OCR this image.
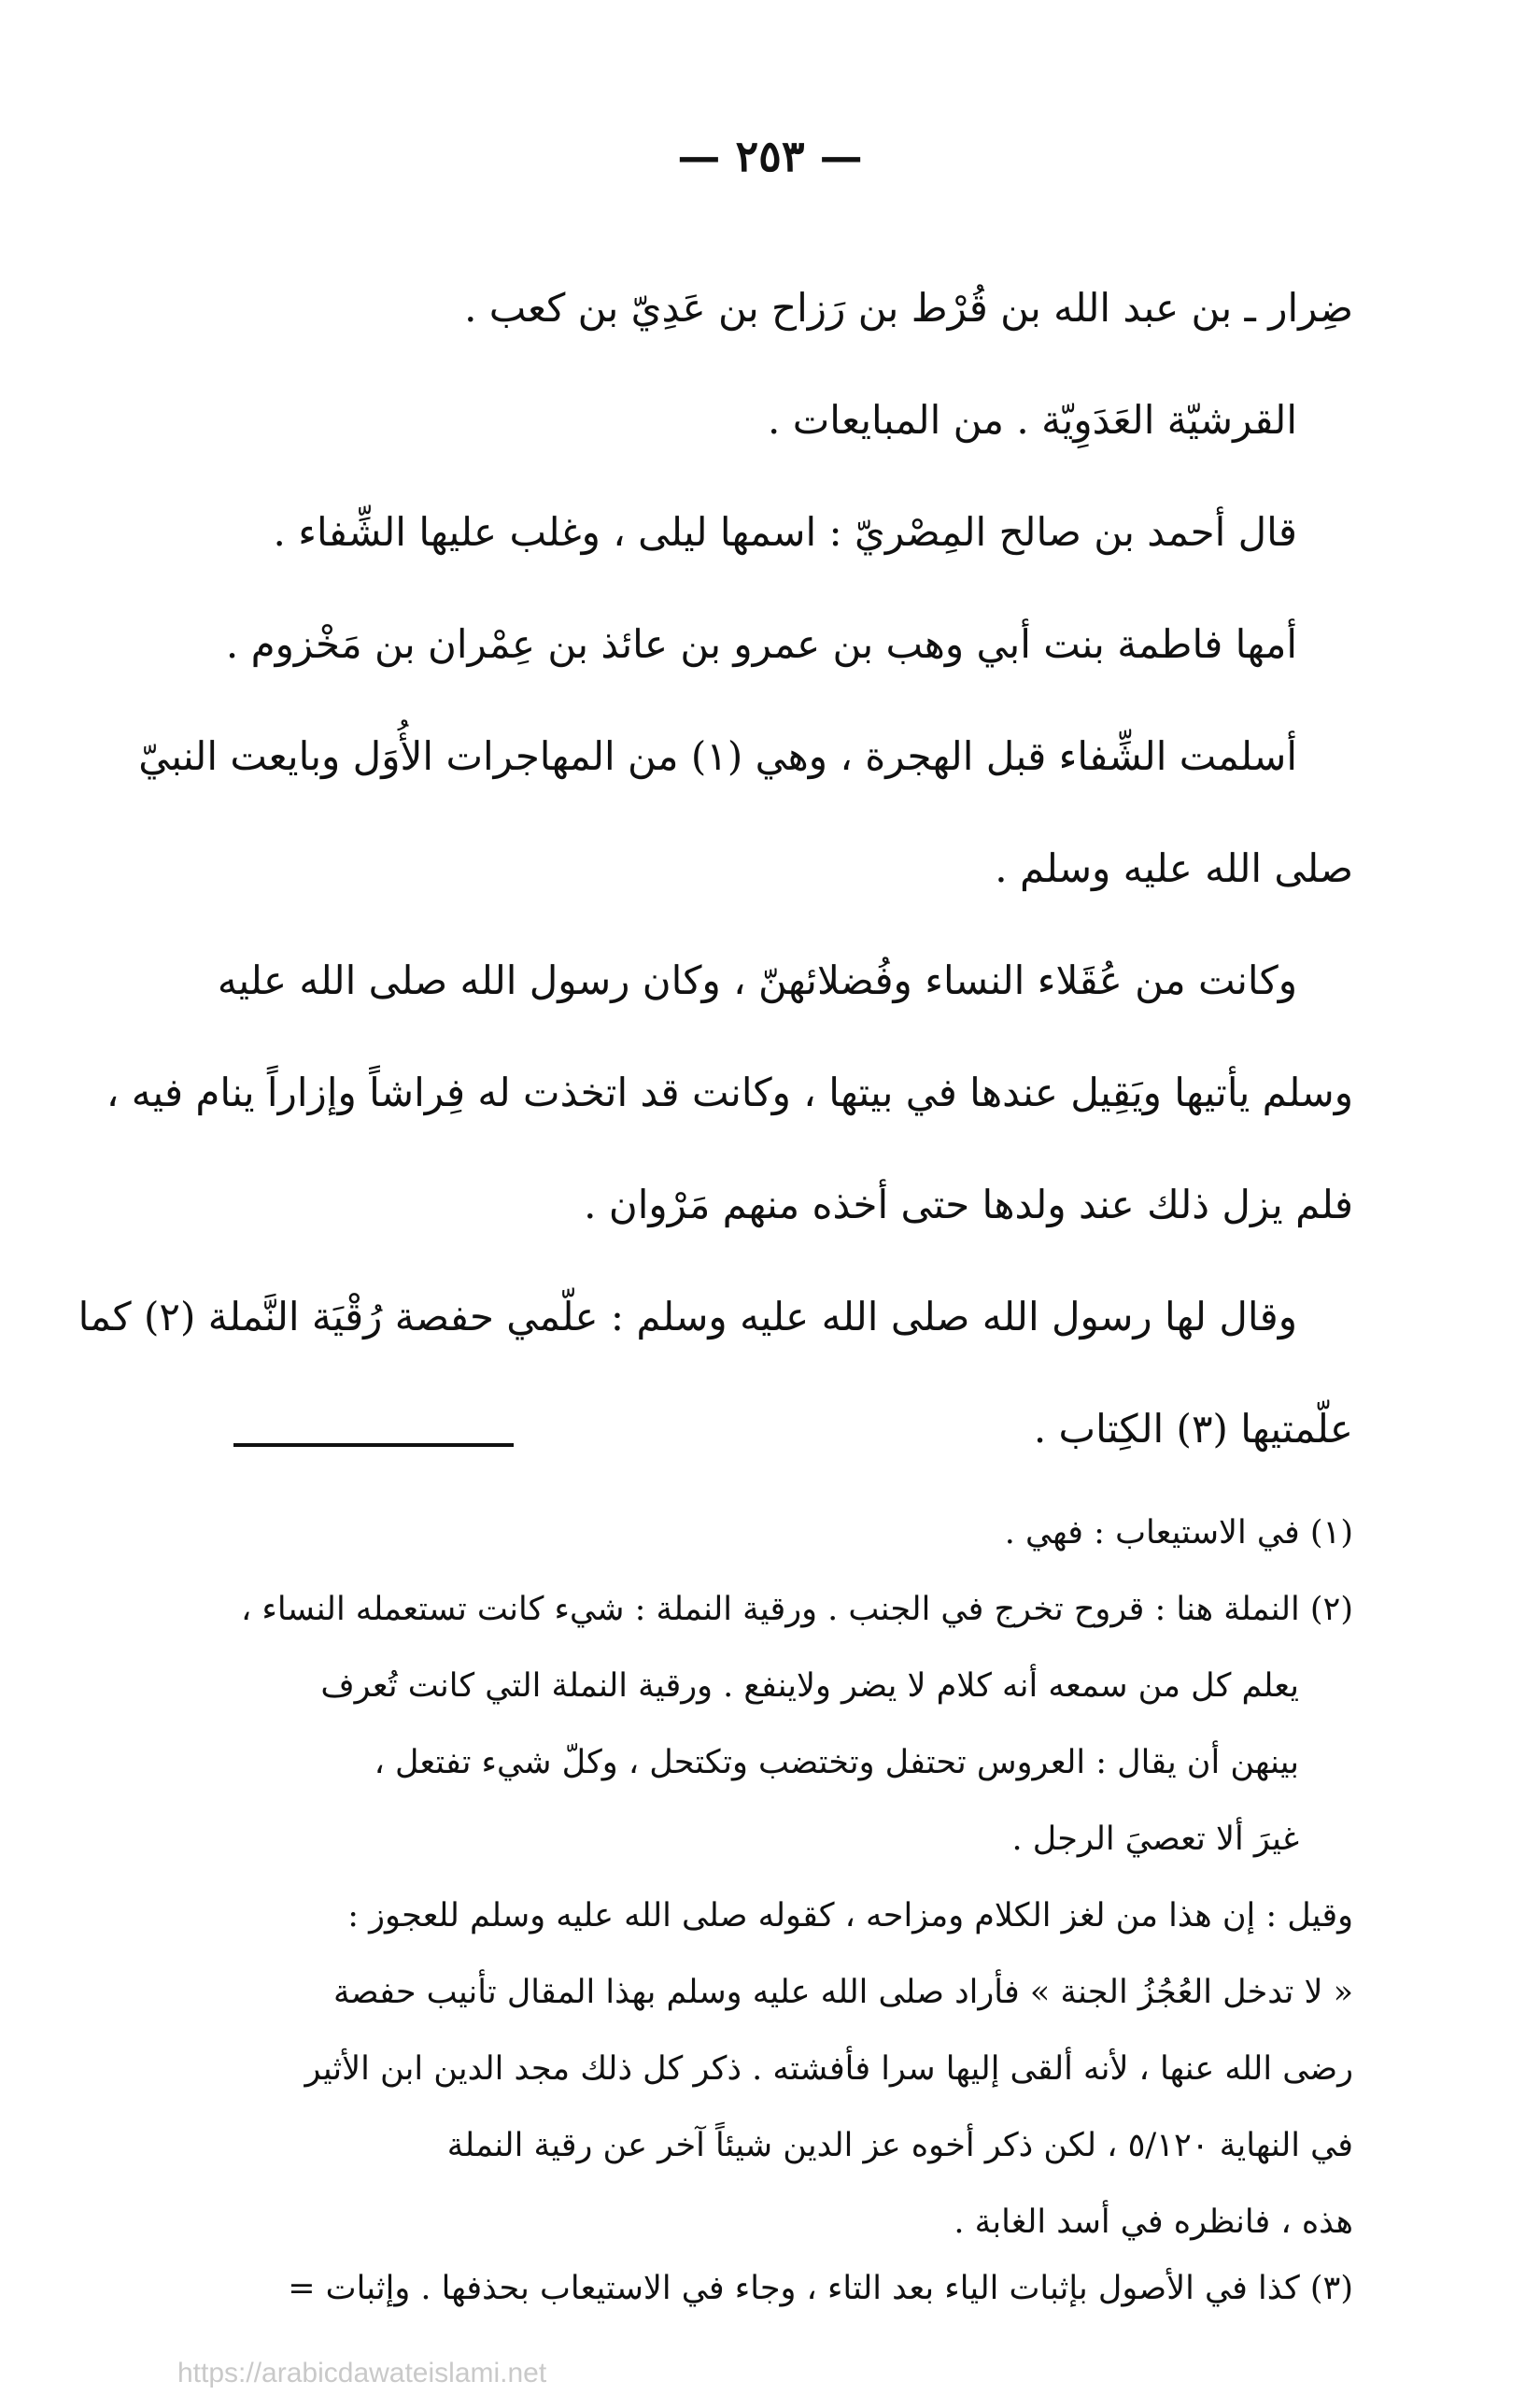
— ٢٥٣ —
ضِرار ـ بن عبد الله بن قُرْط بن رَزاح بن عَدِيّ بن كعب .
القرشيّة العَدَوِيّة . من المبايعات .
قال أحمد بن صالح المِصْريّ : اسمها ليلى ، وغلب عليها الشِّفاء .
أمها فاطمة بنت أبي وهب بن عمرو بن عائذ بن عِمْران بن مَخْزوم .
أسلمت الشِّفاء قبل الهجرة ، وهي (١) من المهاجرات الأُوَل وبايعت النبيّ
صلى الله عليه وسلم .
وكانت من عُقَلاء النساء وفُضلائهنّ ، وكان رسول الله صلى الله عليه
وسلم يأتيها ويَقِيل عندها في بيتها ، وكانت قد اتخذت له فِراشاً وإزاراً ينام فيه ،
فلم يزل ذلك عند ولدها حتى أخذه منهم مَرْوان .
وقال لها رسول الله صلى الله عليه وسلم : علّمي حفصة رُقْيَة النَّملة (٢) كما
علّمتيها (٣) الكِتاب .
(١) في الاستيعاب : فهي .
(٢) النملة هنا : قروح تخرج في الجنب . ورقية النملة : شيء كانت تستعمله النساء ،
يعلم كل من سمعه أنه كلام لا يضر ولاينفع . ورقية النملة التي كانت تُعرف
بينهن أن يقال : العروس تحتفل وتختضب وتكتحل ، وكلّ شيء تفتعل ،
غيرَ ألا تعصيَ الرجل .
وقيل : إن هذا من لغز الكلام ومزاحه ، كقوله صلى الله عليه وسلم للعجوز :
« لا تدخل العُجُزُ الجنة » فأراد صلى الله عليه وسلم بهذا المقال تأنيب حفصة
رضى الله عنها ، لأنه ألقى إليها سرا فأفشته . ذكر كل ذلك مجد الدين ابن الأثير
في النهاية ٥/١٢٠ ، لكن ذكر أخوه عز الدين شيئاً آخر عن رقية النملة
هذه ، فانظره في أسد الغابة .
(٣) كذا في الأصول بإثبات الياء بعد التاء ، وجاء في الاستيعاب بحذفها . وإثبات =
https://arabicdawateislami.net
